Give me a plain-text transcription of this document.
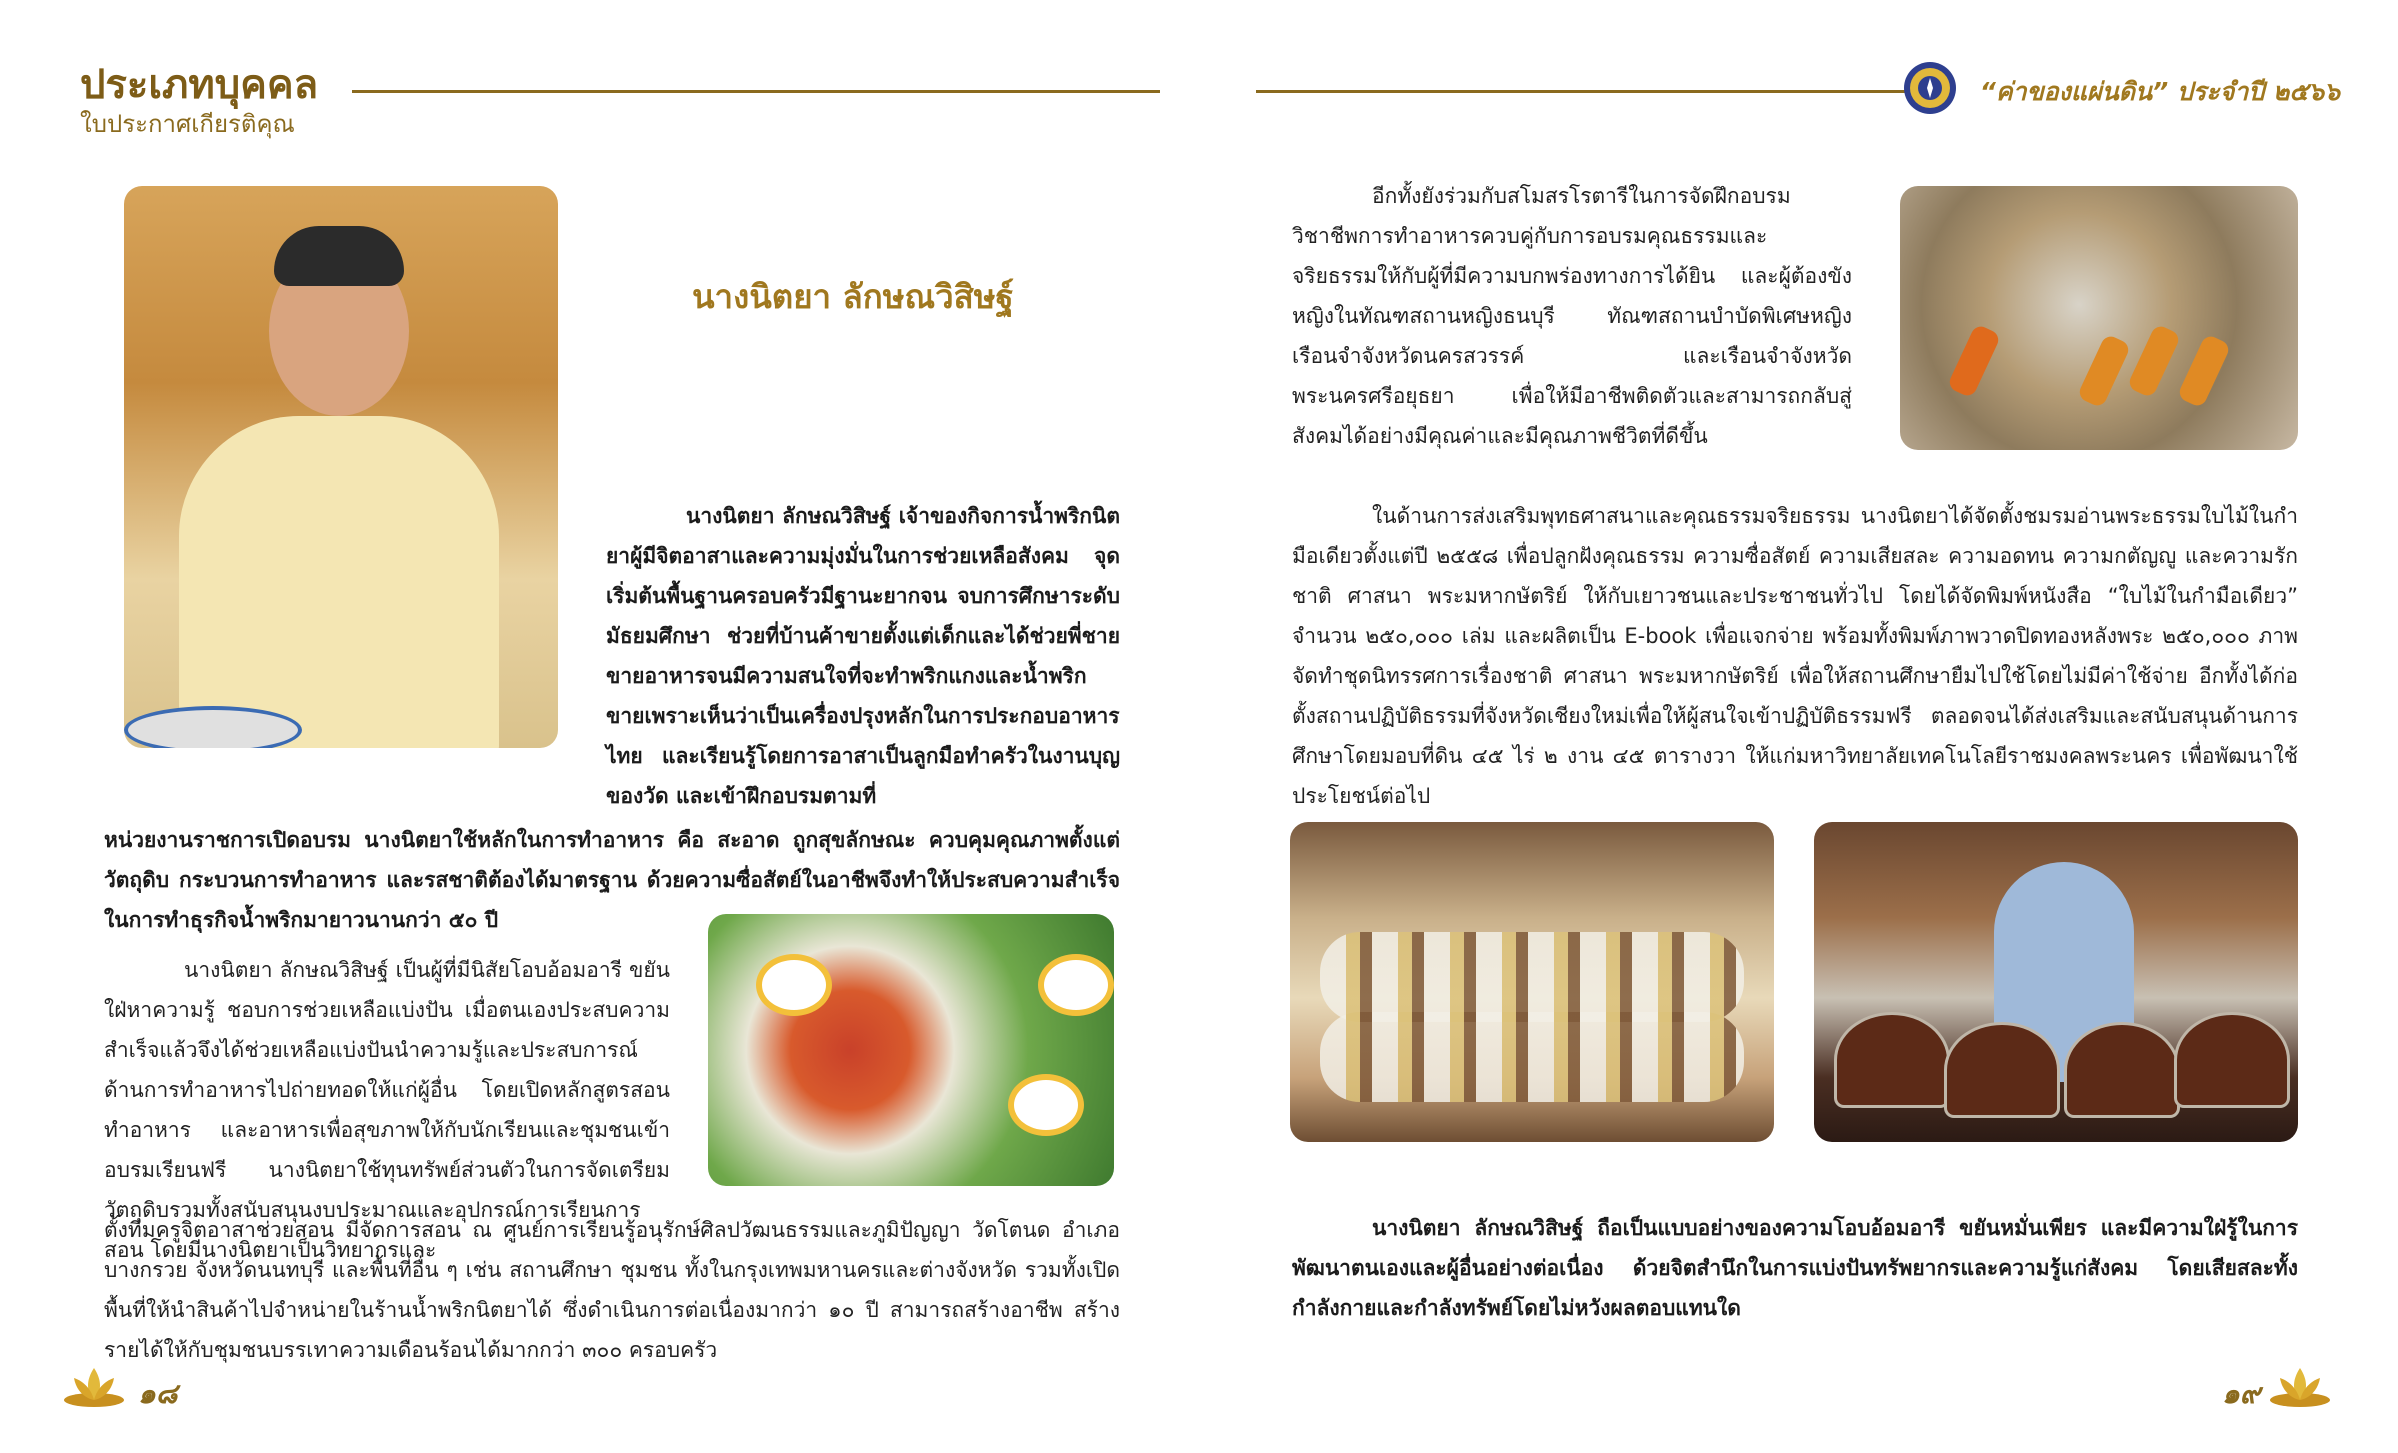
ประเภทบุคคล
ใบประกาศเกียรติคุณ
“ค่าของแผ่นดิน” ประจำปี ๒๕๖๖
นางนิตยา ลักษณวิสิษฐ์
นางนิตยา ลักษณวิสิษฐ์ เจ้าของกิจการน้ำพริกนิตยาผู้มีจิตอาสาและความมุ่งมั่นในการช่วยเหลือสังคม จุดเริ่มต้นพื้นฐานครอบครัวมีฐานะยากจน จบการศึกษาระดับมัธยมศึกษา ช่วยที่บ้านค้าขายตั้งแต่เด็กและได้ช่วยพี่ชายขายอาหารจนมีความสนใจที่จะทำพริกแกงและน้ำพริกขายเพราะเห็นว่าเป็นเครื่องปรุงหลักในการประกอบอาหารไทย และเรียนรู้โดยการอาสาเป็นลูกมือทำครัวในงานบุญของวัด และเข้าฝึกอบรมตามที่
หน่วยงานราชการเปิดอบรม นางนิตยาใช้หลักในการทำอาหาร คือ สะอาด ถูกสุขลักษณะ ควบคุมคุณภาพตั้งแต่วัตถุดิบ กระบวนการทำอาหาร และรสชาติต้องได้มาตรฐาน ด้วยความซื่อสัตย์ในอาชีพจึงทำให้ประสบความสำเร็จในการทำธุรกิจน้ำพริกมายาวนานกว่า ๕๐ ปี
นางนิตยา ลักษณวิสิษฐ์ เป็นผู้ที่มีนิสัยโอบอ้อมอารี ขยันใฝ่หาความรู้ ชอบการช่วยเหลือแบ่งปัน เมื่อตนเองประสบความสำเร็จแล้วจึงได้ช่วยเหลือแบ่งปันนำความรู้และประสบการณ์ด้านการทำอาหารไปถ่ายทอดให้แก่ผู้อื่น โดยเปิดหลักสูตรสอนทำอาหาร และอาหารเพื่อสุขภาพให้กับนักเรียนและชุมชนเข้าอบรมเรียนฟรี นางนิตยาใช้ทุนทรัพย์ส่วนตัวในการจัดเตรียมวัตถุดิบรวมทั้งสนับสนุนงบประมาณและอุปกรณ์การเรียนการสอน โดยมีนางนิตยาเป็นวิทยากรและ
ตั้งทีมครูจิตอาสาช่วยสอน มีจัดการสอน ณ ศูนย์การเรียนรู้อนุรักษ์ศิลปวัฒนธรรมและภูมิปัญญา วัดโตนด อำเภอบางกรวย จังหวัดนนทบุรี และพื้นที่อื่น ๆ เช่น สถานศึกษา ชุมชน ทั้งในกรุงเทพมหานครและต่างจังหวัด รวมทั้งเปิดพื้นที่ให้นำสินค้าไปจำหน่ายในร้านน้ำพริกนิตยาได้ ซึ่งดำเนินการต่อเนื่องมากว่า ๑๐ ปี สามารถสร้างอาชีพ สร้างรายได้ให้กับชุมชนบรรเทาความเดือนร้อนได้มากกว่า ๓๐๐ ครอบครัว
๑๘
อีกทั้งยังร่วมกับสโมสรโรตารีในการจัดฝึกอบรมวิชาชีพการทำอาหารควบคู่กับการอบรมคุณธรรมและจริยธรรมให้กับผู้ที่มีความบกพร่องทางการได้ยิน และผู้ต้องขังหญิงในทัณฑสถานหญิงธนบุรี ทัณฑสถานบำบัดพิเศษหญิง เรือนจำจังหวัดนครสวรรค์ และเรือนจำจังหวัดพระนครศรีอยุธยา เพื่อให้มีอาชีพติดตัวและสามารถกลับสู่สังคมได้อย่างมีคุณค่าและมีคุณภาพชีวิตที่ดีขึ้น
ในด้านการส่งเสริมพุทธศาสนาและคุณธรรมจริยธรรม นางนิตยาได้จัดตั้งชมรมอ่านพระธรรมใบไม้ในกำมือเดียวตั้งแต่ปี ๒๕๕๘ เพื่อปลูกฝังคุณธรรม ความซื่อสัตย์ ความเสียสละ ความอดทน ความกตัญญู และความรักชาติ ศาสนา พระมหากษัตริย์ ให้กับเยาวชนและประชาชนทั่วไป โดยได้จัดพิมพ์หนังสือ “ใบไม้ในกำมือเดียว” จำนวน ๒๕๐,๐๐๐ เล่ม และผลิตเป็น E-book เพื่อแจกจ่าย พร้อมทั้งพิมพ์ภาพวาดปิดทองหลังพระ ๒๕๐,๐๐๐ ภาพ จัดทำชุดนิทรรศการเรื่องชาติ ศาสนา พระมหากษัตริย์ เพื่อให้สถานศึกษายืมไปใช้โดยไม่มีค่าใช้จ่าย อีกทั้งได้ก่อตั้งสถานปฏิบัติธรรมที่จังหวัดเชียงใหม่เพื่อให้ผู้สนใจเข้าปฏิบัติธรรมฟรี ตลอดจนได้ส่งเสริมและสนับสนุนด้านการศึกษาโดยมอบที่ดิน ๔๕ ไร่ ๒ งาน ๔๕ ตารางวา ให้แก่มหาวิทยาลัยเทคโนโลยีราชมงคลพระนคร เพื่อพัฒนาใช้ประโยชน์ต่อไป
นางนิตยา ลักษณวิสิษฐ์ ถือเป็นแบบอย่างของความโอบอ้อมอารี ขยันหมั่นเพียร และมีความใฝ่รู้ในการพัฒนาตนเองและผู้อื่นอย่างต่อเนื่อง ด้วยจิตสำนึกในการแบ่งปันทรัพยากรและความรู้แก่สังคม โดยเสียสละทั้งกำลังกายและกำลังทรัพย์โดยไม่หวังผลตอบแทนใด
๑๙
